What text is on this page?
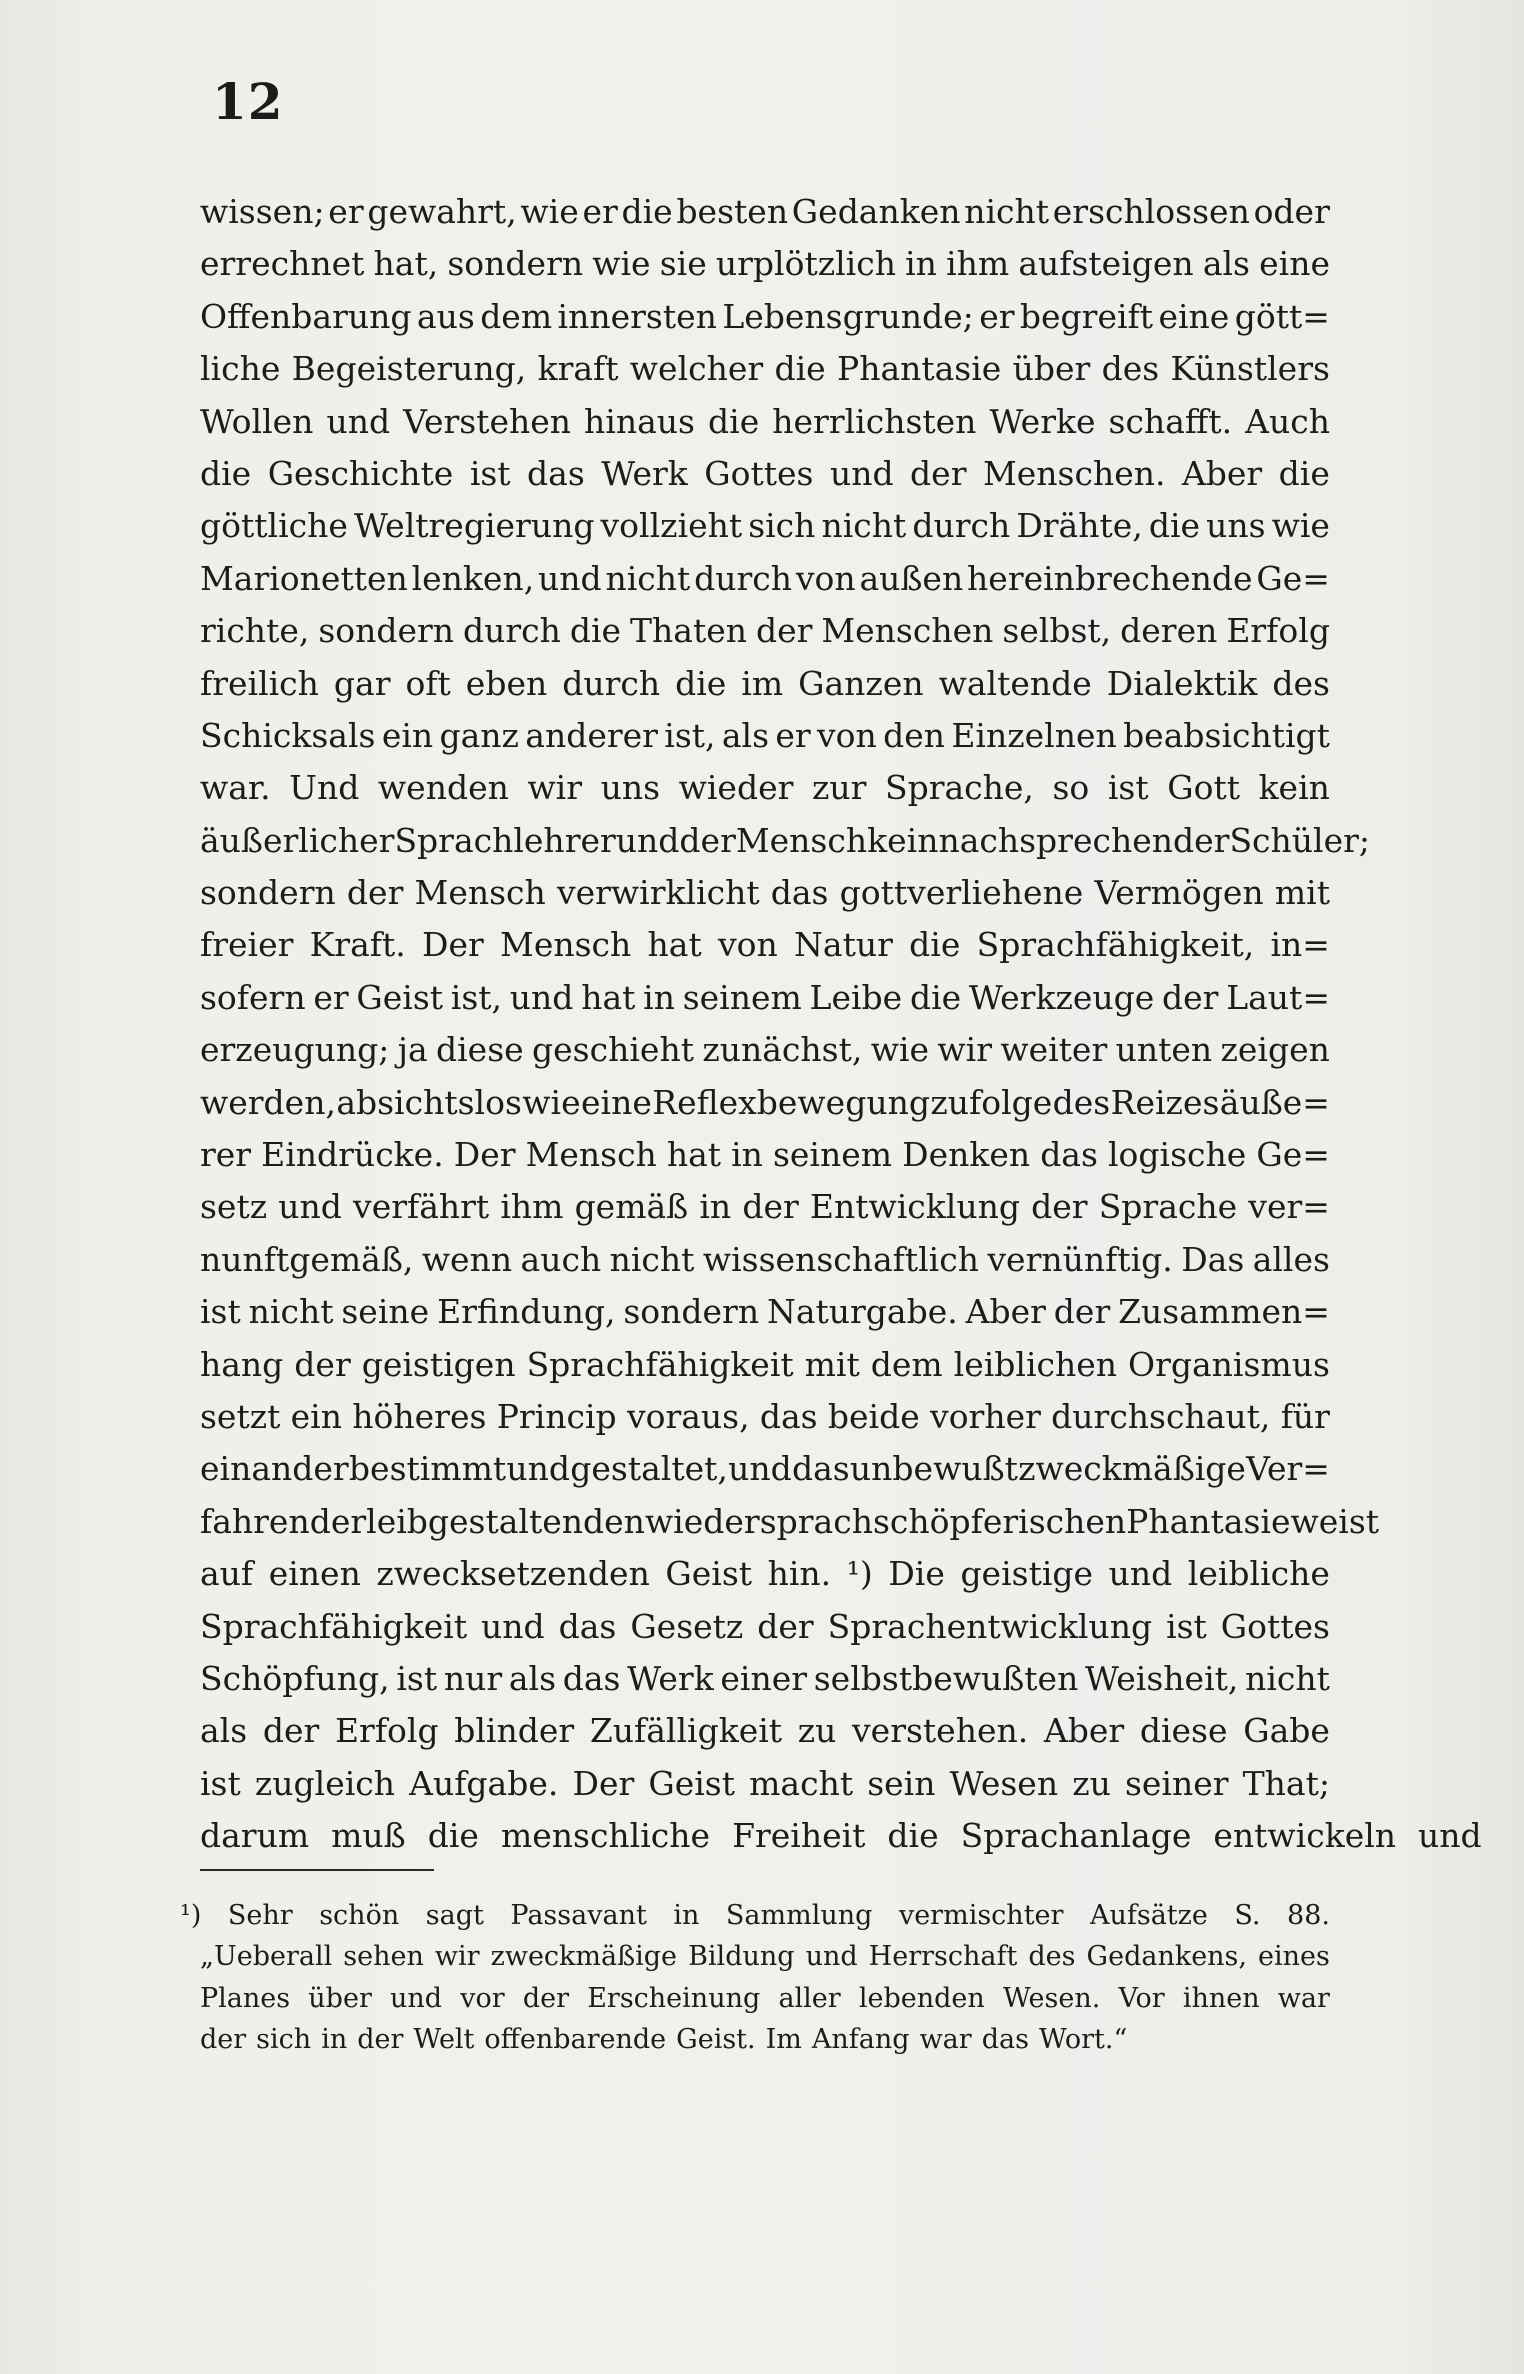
12
wissen; er gewahrt, wie er die besten Gedanken nicht erschlossen oder
errechnet hat, sondern wie sie urplötzlich in ihm aufsteigen als eine
Offenbarung aus dem innersten Lebensgrunde; er begreift eine gött=
liche Begeisterung, kraft welcher die Phantasie über des Künstlers
Wollen und Verstehen hinaus die herrlichsten Werke schafft. Auch
die Geschichte ist das Werk Gottes und der Menschen. Aber die
göttliche Weltregierung vollzieht sich nicht durch Drähte, die uns wie
Marionetten lenken, und nicht durch von außen hereinbrechende Ge=
richte, sondern durch die Thaten der Menschen selbst, deren Erfolg
freilich gar oft eben durch die im Ganzen waltende Dialektik des
Schicksals ein ganz anderer ist, als er von den Einzelnen beabsichtigt
war. Und wenden wir uns wieder zur Sprache, so ist Gott kein
äußerlicher Sprachlehrer und der Mensch kein nachsprechender Schüler;
sondern der Mensch verwirklicht das gottverliehene Vermögen mit
freier Kraft. Der Mensch hat von Natur die Sprachfähigkeit, in=
sofern er Geist ist, und hat in seinem Leibe die Werkzeuge der Laut=
erzeugung; ja diese geschieht zunächst, wie wir weiter unten zeigen
werden, absichtslos wie eine Reflexbewegung zufolge des Reizes äuße=
rer Eindrücke. Der Mensch hat in seinem Denken das logische Ge=
setz und verfährt ihm gemäß in der Entwicklung der Sprache ver=
nunftgemäß, wenn auch nicht wissenschaftlich vernünftig. Das alles
ist nicht seine Erfindung, sondern Naturgabe. Aber der Zusammen=
hang der geistigen Sprachfähigkeit mit dem leiblichen Organismus
setzt ein höheres Princip voraus, das beide vorher durchschaut, für
einander bestimmt und gestaltet, und das unbewußt zweckmäßige Ver=
fahren der leibgestaltenden wie der sprachschöpferischen Phantasie weist
auf einen zwecksetzenden Geist hin. ¹) Die geistige und leibliche
Sprachfähigkeit und das Gesetz der Sprachentwicklung ist Gottes
Schöpfung, ist nur als das Werk einer selbstbewußten Weisheit, nicht
als der Erfolg blinder Zufälligkeit zu verstehen. Aber diese Gabe
ist zugleich Aufgabe. Der Geist macht sein Wesen zu seiner That;
darum muß die menschliche Freiheit die Sprachanlage entwickeln und
¹) Sehr schön sagt Passavant in Sammlung vermischter Aufsätze S. 88.
„Ueberall sehen wir zweckmäßige Bildung und Herrschaft des Gedankens, eines
Planes über und vor der Erscheinung aller lebenden Wesen. Vor ihnen war
der sich in der Welt offenbarende Geist. Im Anfang war das Wort.“
